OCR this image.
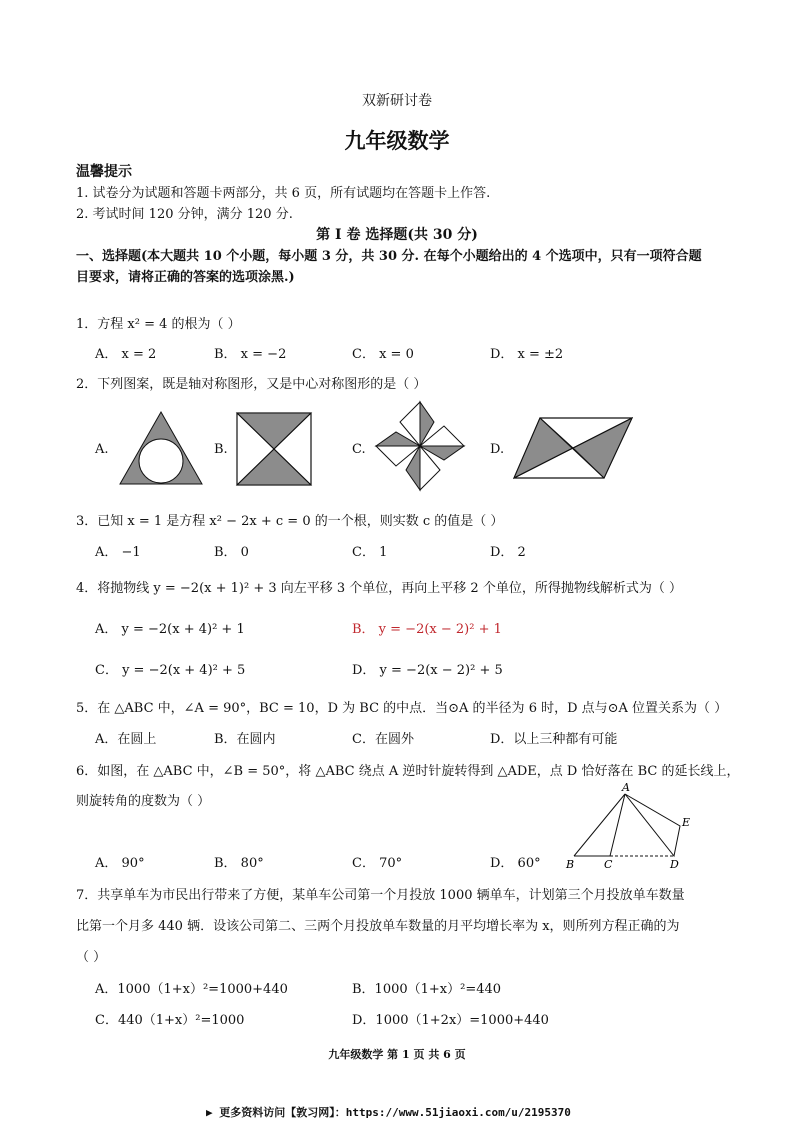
双新研讨卷
九年级数学
温馨提示
1. 试卷分为试题和答题卡两部分，共 6 页，所有试题均在答题卡上作答.
2. 考试时间 120 分钟，满分 120 分.
第 I 卷 选择题(共 30 分)
一、选择题(本大题共 10 个小题，每小题 3 分，共 30 分. 在每个小题给出的 4 个选项中，只有一项符合题
目要求，请将正确的答案的选项涂黑.)
1．方程 x² = 4 的根为（ ）
A． x = 2	B． x = −2	C． x = 0	D． x = ±2
2．下列图案，既是轴对称图形，又是中心对称图形的是（ ）
A.	B.	C.	D.
3．已知 x = 1 是方程 x² − 2x + c = 0 的一个根，则实数 c 的值是（ ）
A． −1	B． 0	C． 1	D． 2
4．将抛物线 y = −2(x + 1)² + 3 向左平移 3 个单位，再向上平移 2 个单位，所得抛物线解析式为（ ）
A． y = −2(x + 4)² + 1	B． y = −2(x − 2)² + 1
C． y = −2(x + 4)² + 5	D． y = −2(x − 2)² + 5
5．在 △ABC 中，∠A = 90°，BC = 10，D 为 BC 的中点．当⊙A 的半径为 6 时，D 点与⊙A 位置关系为（ ）
A．在圆上	B．在圆内	C．在圆外	D．以上三种都有可能
6．如图，在 △ABC 中，∠B = 50°，将 △ABC 绕点 A 逆时针旋转得到 △ADE，点 D 恰好落在 BC 的延长线上，
则旋转角的度数为（ ）
A． 90°	B． 80°	C． 70°	D． 60°
A
B	C	D
E
7．共享单车为市民出行带来了方便，某单车公司第一个月投放 1000 辆单车，计划第三个月投放单车数量
比第一个月多 440 辆．设该公司第二、三两个月投放单车数量的月平均增长率为 x，则所列方程正确的为
（ ）
A．1000（1+x）²=1000+440	B．1000（1+x）²=440
C．440（1+x）²=1000	D．1000（1+2x）=1000+440
九年级数学 第 1 页 共 6 页
▶ 更多资料访问【敦习网】：https://www.51jiaoxi.com/u/2195370
